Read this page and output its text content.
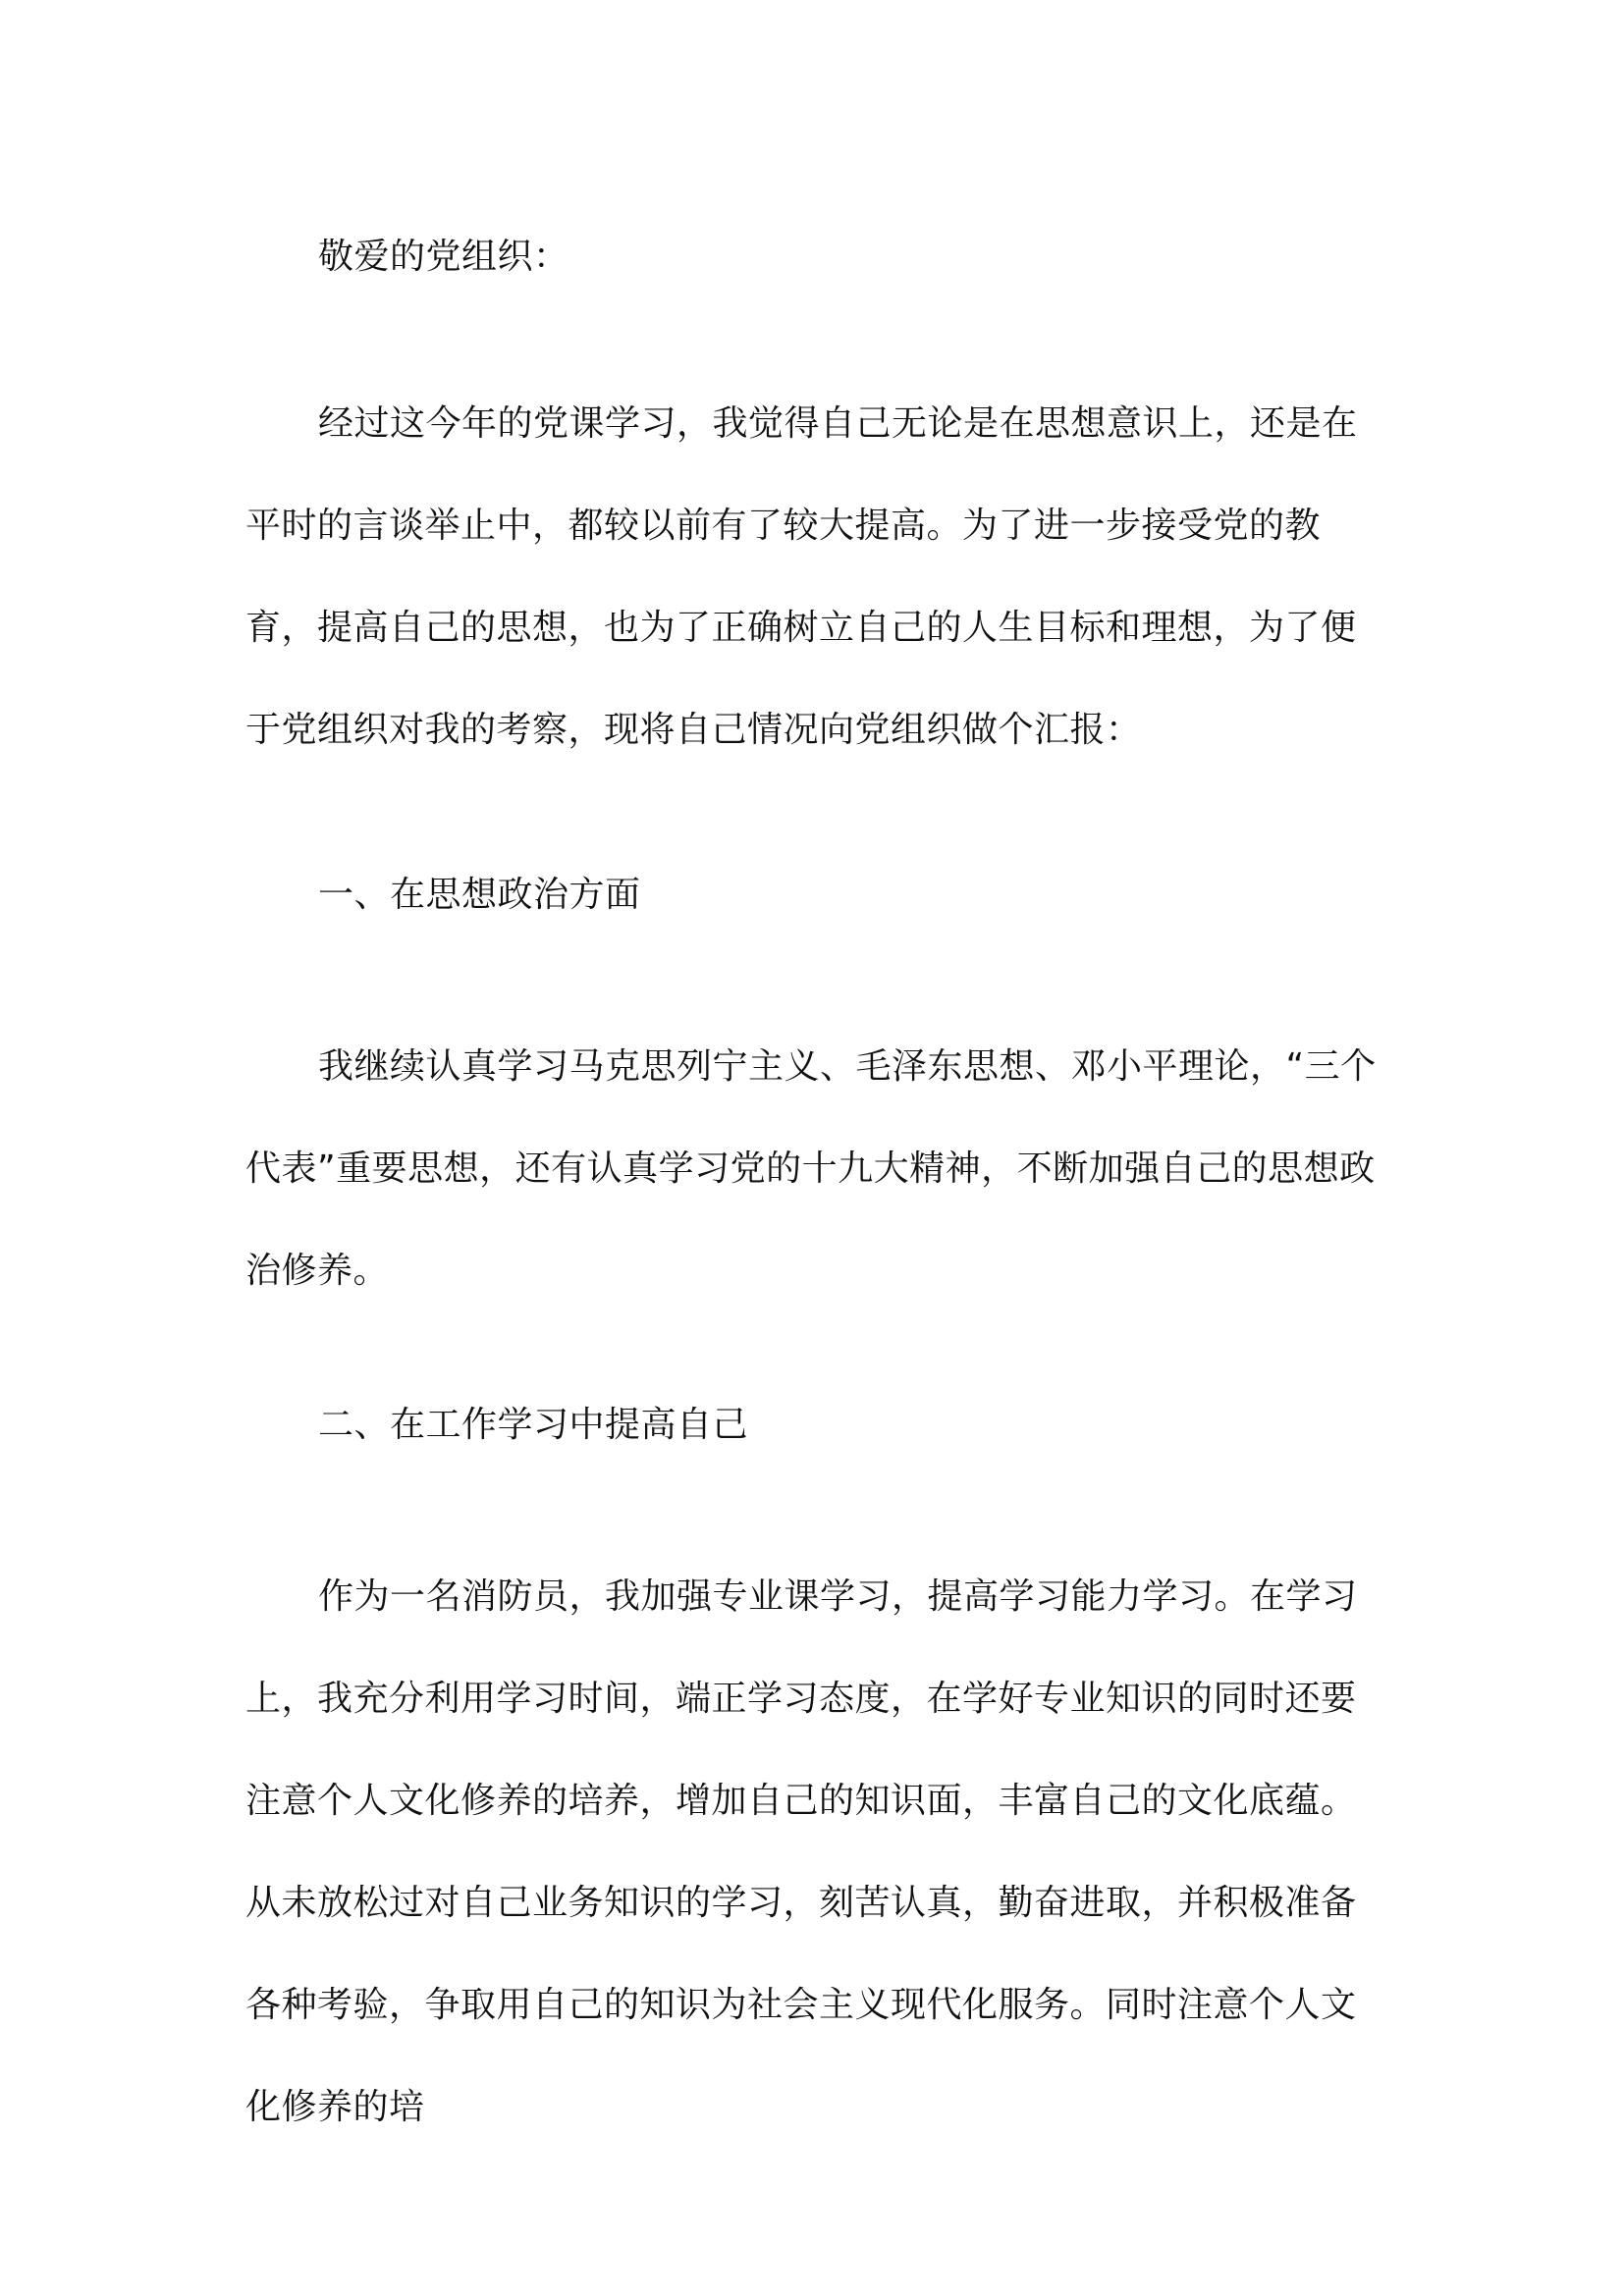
敬爱的党组织：

经过这今年的党课学习，我觉得自己无论是在思想意识上，还是在平时的言谈举止中，都较以前有了较大提高。为了进一步接受党的教育，提高自己的思想，也为了正确树立自己的人生目标和理想，为了便于党组织对我的考察，现将自己情况向党组织做个汇报：

一、在思想政治方面

我继续认真学习马克思列宁主义、毛泽东思想、邓小平理论，“三个代表”重要思想，还有认真学习党的十九大精神，不断加强自己的思想政治修养。

二、在工作学习中提高自己

作为一名消防员，我加强专业课学习，提高学习能力学习。在学习上，我充分利用学习时间，端正学习态度，在学好专业知识的同时还要注意个人文化修养的培养，增加自己的知识面，丰富自己的文化底蕴。从未放松过对自己业务知识的学习，刻苦认真，勤奋进取，并积极准备各种考验，争取用自己的知识为社会主义现代化服务。同时注意个人文化修养的培
